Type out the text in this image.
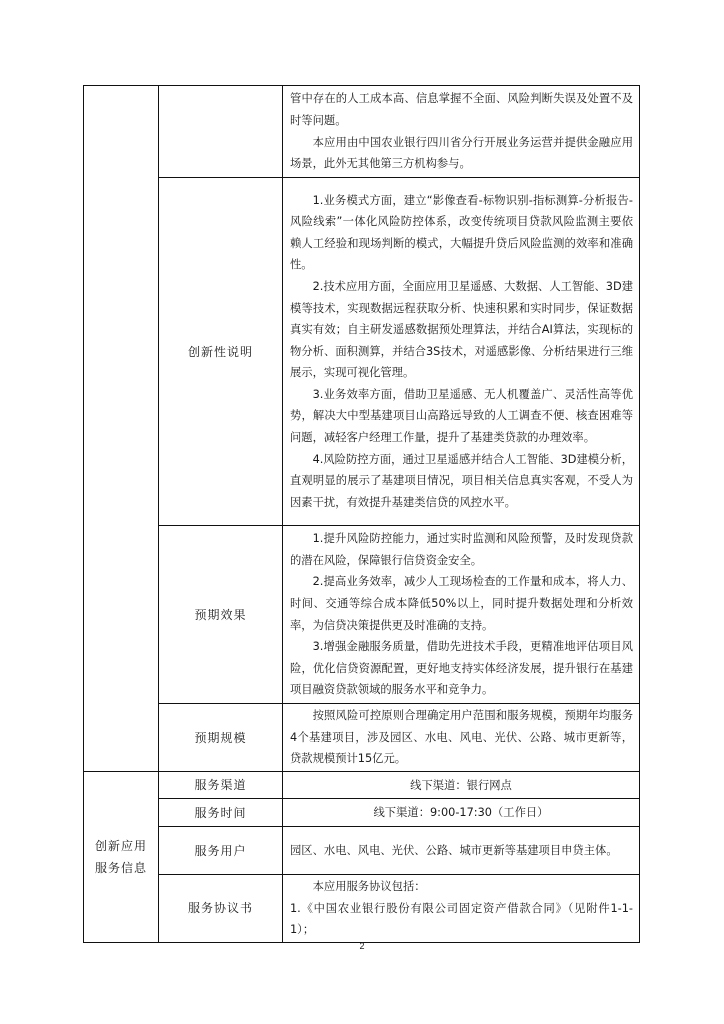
		管中存在的人工成本高、信息掌握不全面、风险判断失误及处置不及时等问题。

本应用由中国农业银行四川省分行开展业务运营并提供金融应用场景，此外无其他第三方机构参与。

	创新性说明	1.业务模式方面，建立“影像查看-标物识别-指标测算-分析报告-风险线索”一体化风险防控体系，改变传统项目贷款风险监测主要依赖人工经验和现场判断的模式，大幅提升贷后风险监测的效率和准确性。

2.技术应用方面，全面应用卫星遥感、大数据、人工智能、3D建模等技术，实现数据远程获取分析、快速积累和实时同步，保证数据真实有效；自主研发遥感数据预处理算法，并结合AI算法，实现标的物分析、面积测算，并结合3S技术，对遥感影像、分析结果进行三维展示，实现可视化管理。

3.业务效率方面，借助卫星遥感、无人机覆盖广、灵活性高等优势，解决大中型基建项目山高路远导致的人工调查不便、核查困难等问题，减轻客户经理工作量，提升了基建类贷款的办理效率。

4.风险防控方面，通过卫星遥感并结合人工智能、3D建模分析，直观明显的展示了基建项目情况，项目相关信息真实客观，不受人为因素干扰，有效提升基建类信贷的风控水平。

	预期效果	1.提升风险防控能力，通过实时监测和风险预警，及时发现贷款的潜在风险，保障银行信贷资金安全。

2.提高业务效率，减少人工现场检查的工作量和成本，将人力、时间、交通等综合成本降低50%以上，同时提升数据处理和分析效率，为信贷决策提供更及时准确的支持。

3.增强金融服务质量，借助先进技术手段，更精准地评估项目风险，优化信贷资源配置，更好地支持实体经济发展，提升银行在基建项目融资贷款领域的服务水平和竞争力。

	预期规模	按照风险可控原则合理确定用户范围和服务规模，预期年均服务4个基建项目，涉及园区、水电、风电、光伏、公路、城市更新等，贷款规模预计15亿元。

创新应用服务信息	服务渠道	线下渠道：银行网点

	服务时间	线下渠道：9:00-17:30（工作日）

	服务用户	园区、水电、风电、光伏、公路、城市更新等基建项目申贷主体。

	服务协议书	本应用服务协议包括：

1.《中国农业银行股份有限公司固定资产借款合同》（见附件1-1-1）；

2
